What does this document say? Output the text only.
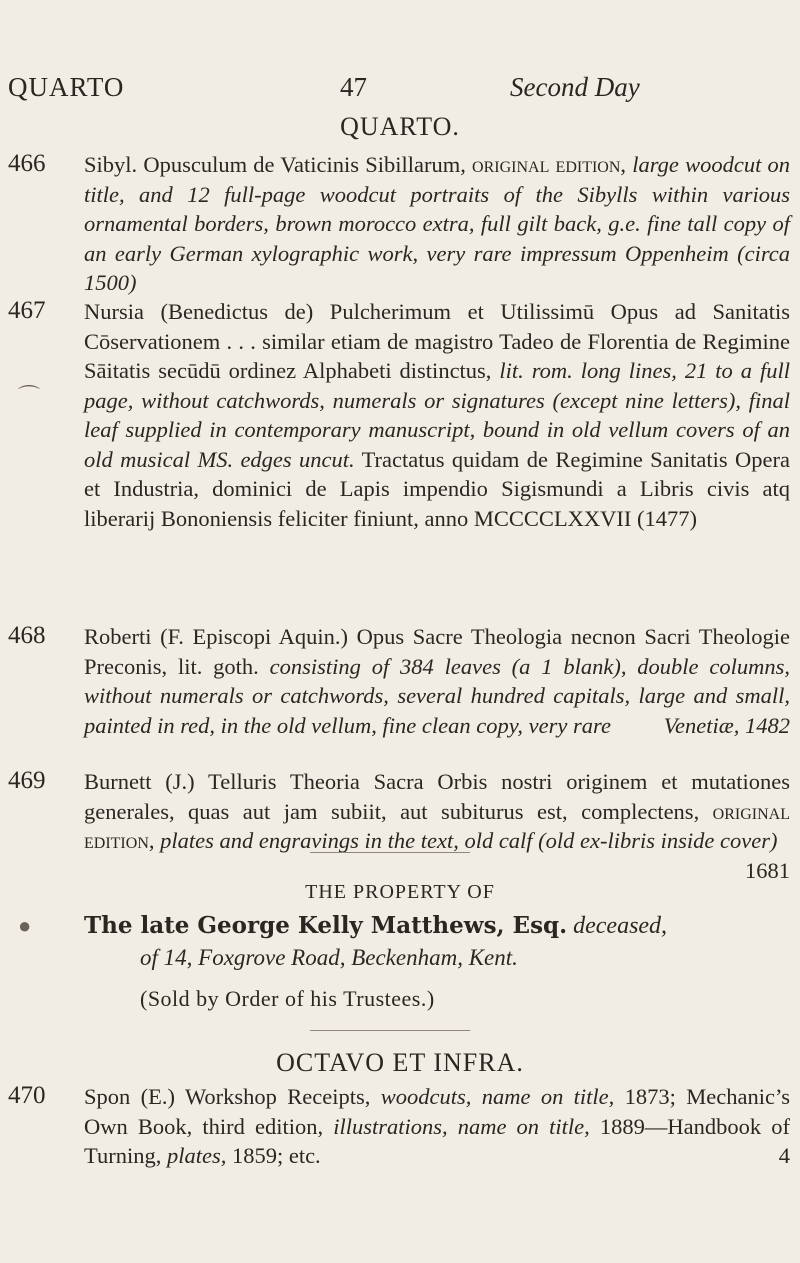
QUARTO	47	Second Day
QUARTO.
466 Sibyl. Opusculum de Vaticinis Sibillarum, original edition, large woodcut on title, and 12 full-page woodcut portraits of the Sibylls within various ornamental borders, brown morocco extra, full gilt back, g.e. fine tall copy of an early German xylographic work, very rare impressum Oppenheim (circa 1500)
467 Nursia (Benedictus de) Pulcherimum et Utilissimū Opus ad Sanitatis Cōservationem . . . similar etiam de magistro Tadeo de Florentia de Regimine Sāitatis secūdū ordinez Alphabeti distinctus, lit. rom. long lines, 21 to a full page, without catchwords, numerals or signatures (except nine letters), final leaf supplied in contemporary manuscript, bound in old vellum covers of an old musical MS. edges uncut. Tractatus quidam de Regimine Sanitatis Opera et Industria, dominici de Lapis impendio Sigismundi a Libris civis atq liberarij Bononiensis feliciter finiunt, anno MCCCCLXXVII (1477)
468 Roberti (F. Episcopi Aquin.) Opus Sacre Theologia necnon Sacri Theologie Preconis, lit. goth. consisting of 384 leaves (a 1 blank), double columns, without numerals or catchwords, several hundred capitals, large and small, painted in red, in the old vellum, fine clean copy, very rare Venetiæ, 1482
469 Burnett (J.) Telluris Theoria Sacra Orbis nostri originem et mutationes generales, quas aut jam subiit, aut subiturus est, complectens, original edition, plates and engravings in the text, old calf (old ex-libris inside cover)
1681
THE PROPERTY OF
The late George Kelly Matthews, Esq. deceased,
of 14, Foxgrove Road, Beckenham, Kent.
(Sold by Order of his Trustees.)
OCTAVO ET INFRA.
470 Spon (E.) Workshop Receipts, woodcuts, name on title, 1873; Mechanic’s Own Book, third edition, illustrations, name on title, 1889—Handbook of Turning, plates, 1859; etc.	4
⌒
●
